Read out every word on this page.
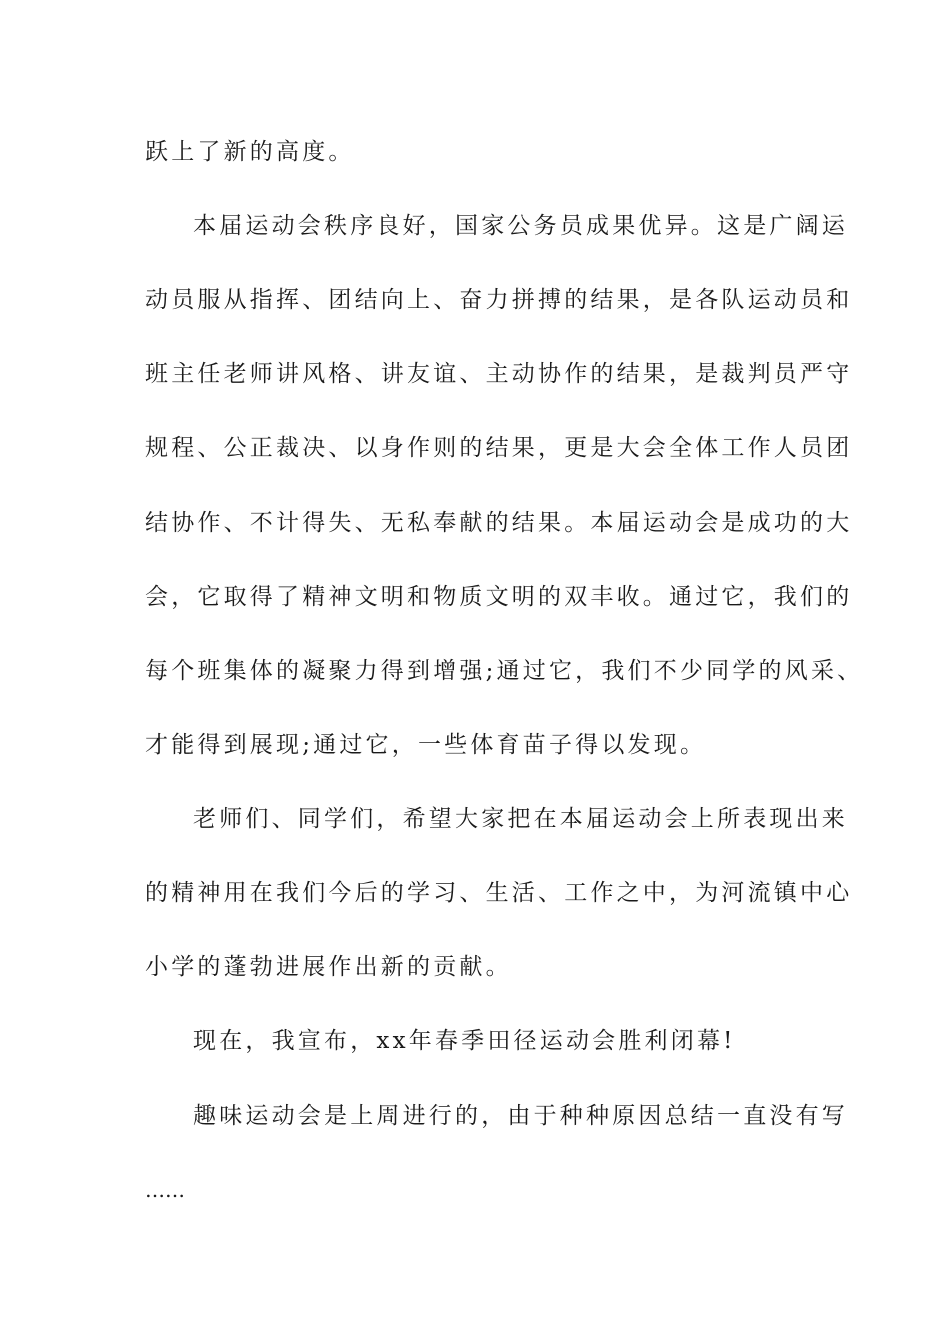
跃上了新的高度。
本届运动会秩序良好，国家公务员成果优异。这是广阔运
动员服从指挥、团结向上、奋力拼搏的结果，是各队运动员和
班主任老师讲风格、讲友谊、主动协作的结果，是裁判员严守
规程、公正裁决、以身作则的结果，更是大会全体工作人员团
结协作、不计得失、无私奉献的结果。本届运动会是成功的大
会，它取得了精神文明和物质文明的双丰收。通过它，我们的
每个班集体的凝聚力得到增强;通过它，我们不少同学的风采、
才能得到展现;通过它，一些体育苗子得以发现。
老师们、同学们，希望大家把在本届运动会上所表现出来
的精神用在我们今后的学习、生活、工作之中，为河流镇中心
小学的蓬勃进展作出新的贡献。
现在，我宣布，xx年春季田径运动会胜利闭幕!
趣味运动会是上周进行的，由于种种原因总结一直没有写
……
